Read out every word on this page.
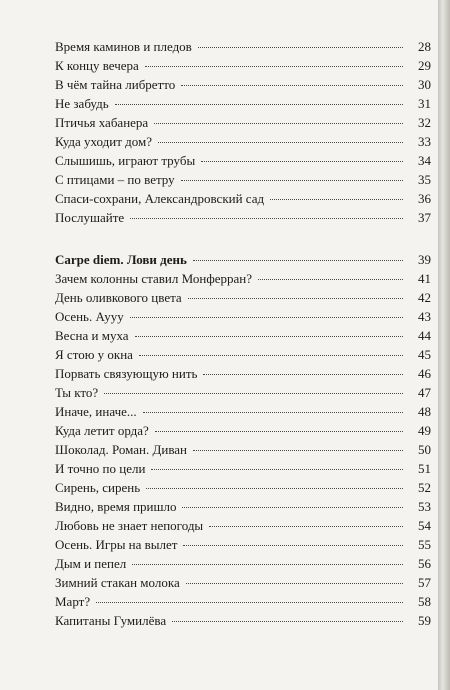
Время каминов и пледов	28
К концу вечера	29
В чём тайна либретто	30
Не забудь	31
Птичья хабанера	32
Куда уходит дом?	33
Слышишь, играют трубы	34
С птицами – по ветру	35
Спаси-сохрани, Александровский сад	36
Послушайте	37
Carpe diem. Лови день	39
Зачем колонны ставил Монферран?	41
День оливкового цвета	42
Осень. Аууу	43
Весна и муха	44
Я стою у окна	45
Порвать связующую нить	46
Ты кто?	47
Иначе, иначе...	48
Куда летит орда?	49
Шоколад. Роман. Диван	50
И точно по цели	51
Сирень, сирень	52
Видно, время пришло	53
Любовь не знает непогоды	54
Осень. Игры на вылет	55
Дым и пепел	56
Зимний стакан молока	57
Март?	58
Капитаны Гумилёва	59
